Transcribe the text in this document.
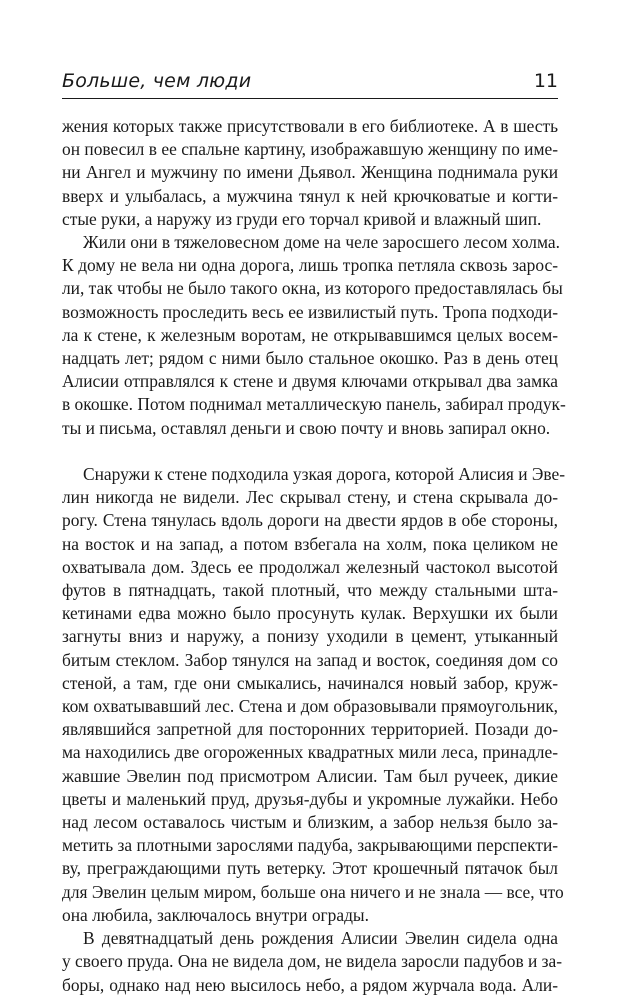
Больше, чем люди	11

жения которых также присутствовали в его библиотеке. А в шесть
он повесил в ее спальне картину, изображавшую женщину по име-
ни Ангел и мужчину по имени Дьявол. Женщина поднимала руки
вверх и улыбалась, а мужчина тянул к ней крючковатые и когти-
стые руки, а наружу из груди его торчал кривой и влажный шип.

Жили они в тяжеловесном доме на челе заросшего лесом холма.
К дому не вела ни одна дорога, лишь тропка петляла сквозь зарос-
ли, так чтобы не было такого окна, из которого предоставлялась бы
возможность проследить весь ее извилистый путь. Тропа подходи-
ла к стене, к железным воротам, не открывавшимся целых восем-
надцать лет; рядом с ними было стальное окошко. Раз в день отец
Алисии отправлялся к стене и двумя ключами открывал два замка
в окошке. Потом поднимал металлическую панель, забирал продук-
ты и письма, оставлял деньги и свою почту и вновь запирал окно.

Снаружи к стене подходила узкая дорога, которой Алисия и Эве-
лин никогда не видели. Лес скрывал стену, и стена скрывала до-
рогу. Стена тянулась вдоль дороги на двести ярдов в обе стороны,
на восток и на запад, а потом взбегала на холм, пока целиком не
охватывала дом. Здесь ее продолжал железный частокол высотой
футов в пятнадцать, такой плотный, что между стальными шта-
кетинами едва можно было просунуть кулак. Верхушки их были
загнуты вниз и наружу, а понизу уходили в цемент, утыканный
битым стеклом. Забор тянулся на запад и восток, соединяя дом со
стеной, а там, где они смыкались, начинался новый забор, круж-
ком охватывавший лес. Стена и дом образовывали прямоугольник,
являвшийся запретной для посторонних территорией. Позади до-
ма находились две огороженных квадратных мили леса, принадле-
жавшие Эвелин под присмотром Алисии. Там был ручеек, дикие
цветы и маленький пруд, друзья-дубы и укромные лужайки. Небо
над лесом оставалось чистым и близким, а забор нельзя было за-
метить за плотными зарослями падуба, закрывающими перспекти-
ву, преграждающими путь ветерку. Этот крошечный пятачок был
для Эвелин целым миром, больше она ничего и не знала — все, что
она любила, заключалось внутри ограды.

В девятнадцатый день рождения Алисии Эвелин сидела одна
у своего пруда. Она не видела дом, не видела заросли падубов и за-
боры, однако над нею высилось небо, а рядом журчала вода. Али-
